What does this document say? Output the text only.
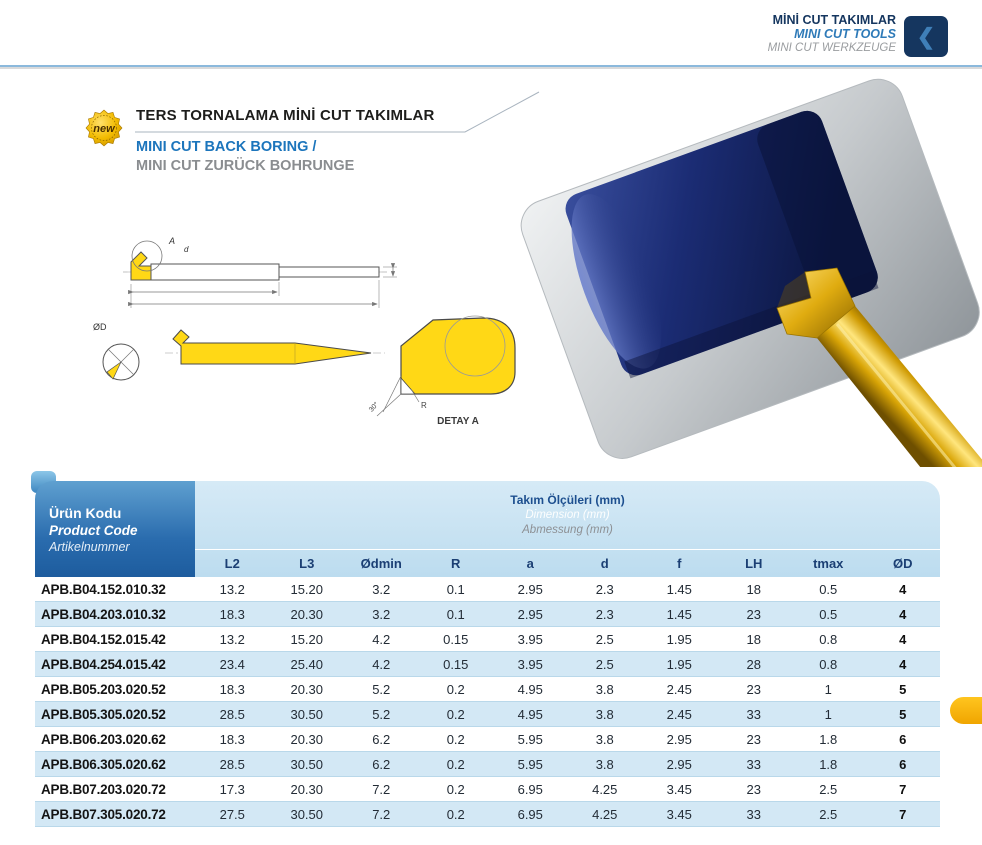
MİNİ CUT TAKIMLAR
MINI CUT TOOLS
MINI CUT WERKZEUGE ❮
new
TERS TORNALAMA MİNİ CUT TAKIMLAR
MINI CUT BACK BORING /
MINI CUT ZURÜCK BOHRUNGE
A
d
ØD
30°	R
DETAY A
Ürün Kodu
Product Code
Artikelnummer
Takım Ölçüleri (mm)
Dimension (mm)
Abmessung (mm)
L2	L3	Ødmin	R	a	d	f	LH	tmax	ØD
APB.B04.152.010.32	13.2	15.20	3.2	0.1	2.95	2.3	1.45	18	0.5	4
APB.B04.203.010.32	18.3	20.30	3.2	0.1	2.95	2.3	1.45	23	0.5	4
APB.B04.152.015.42	13.2	15.20	4.2	0.15	3.95	2.5	1.95	18	0.8	4
APB.B04.254.015.42	23.4	25.40	4.2	0.15	3.95	2.5	1.95	28	0.8	4
APB.B05.203.020.52	18.3	20.30	5.2	0.2	4.95	3.8	2.45	23	1	5
APB.B05.305.020.52	28.5	30.50	5.2	0.2	4.95	3.8	2.45	33	1	5
APB.B06.203.020.62	18.3	20.30	6.2	0.2	5.95	3.8	2.95	23	1.8	6
APB.B06.305.020.62	28.5	30.50	6.2	0.2	5.95	3.8	2.95	33	1.8	6
APB.B07.203.020.72	17.3	20.30	7.2	0.2	6.95	4.25	3.45	23	2.5	7
APB.B07.305.020.72	27.5	30.50	7.2	0.2	6.95	4.25	3.45	33	2.5	7
